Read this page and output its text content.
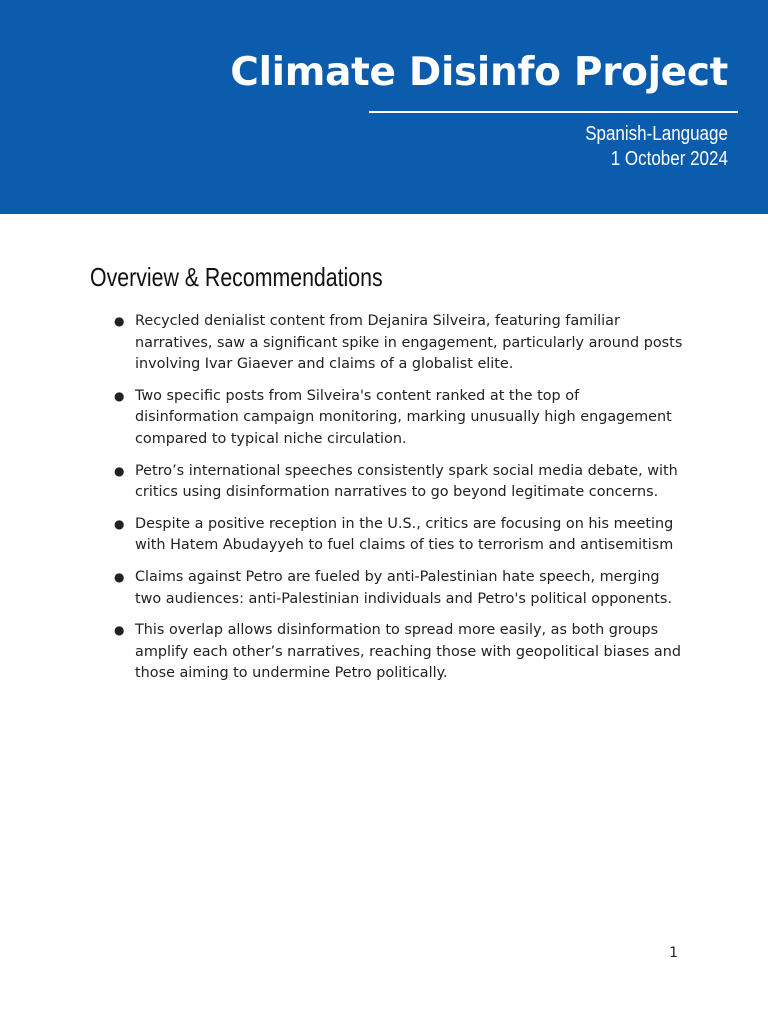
Climate Disinfo Project
Spanish-Language
1 October 2024
Overview & Recommendations
● Recycled denialist content from Dejanira Silveira, featuring familiar narratives, saw a significant spike in engagement, particularly around posts involving Ivar Giaever and claims of a globalist elite.
● Two specific posts from Silveira's content ranked at the top of disinformation campaign monitoring, marking unusually high engagement compared to typical niche circulation.
● Petro’s international speeches consistently spark social media debate, with critics using disinformation narratives to go beyond legitimate concerns.
● Despite a positive reception in the U.S., critics are focusing on his meeting with Hatem Abudayyeh to fuel claims of ties to terrorism and antisemitism
● Claims against Petro are fueled by anti-Palestinian hate speech, merging two audiences: anti-Palestinian individuals and Petro's political opponents.
● This overlap allows disinformation to spread more easily, as both groups amplify each other’s narratives, reaching those with geopolitical biases and those aiming to undermine Petro politically.
1
